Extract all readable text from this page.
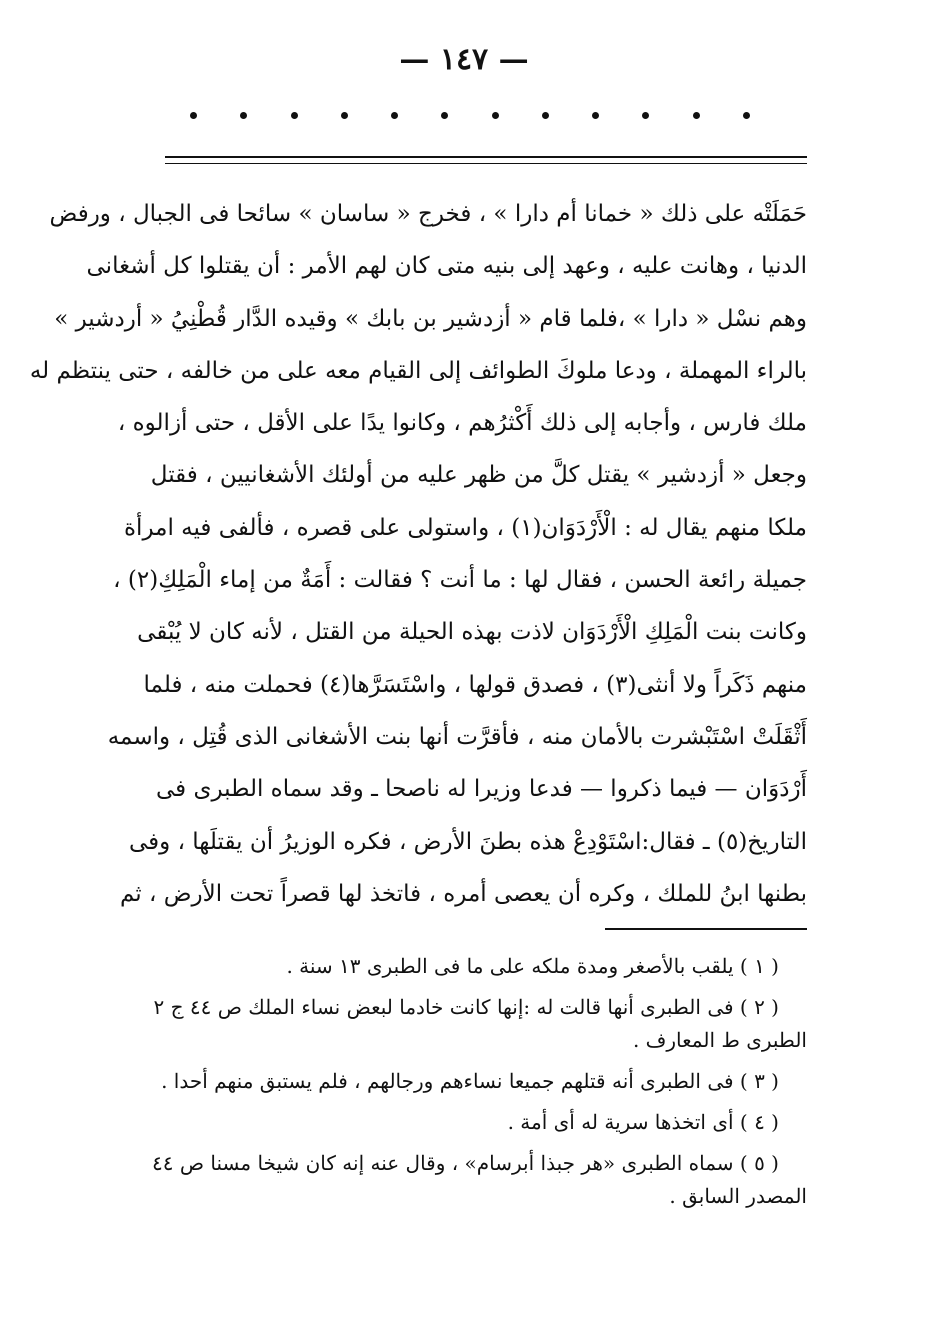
— ١٤٧ —
حَمَلَتْه على ذلك « خمانا أم دارا » ، فخرج « ساسان » سائحا فى الجبال ، ورفض
الدنيا ، وهانت عليه ، وعهد إلى بنيه متى كان لهم الأمر : أن يقتلوا كل أشغانى
وهم نسْل « دارا » ،فلما قام « أزدشير بن بابك » وقيده الدَّار قُطْنِيُ « أردشير »
بالراء المهملة ، ودعا ملوكَ الطوائف إلى القيام معه على من خالفه ، حتى ينتظم له
ملك فارس ، وأجابه إلى ذلك أَكْثرُهم ، وكانوا يدًا على الأقل ، حتى أزالوه ،
وجعل « أزدشير » يقتل كلَّ من ظهر عليه من أولئك الأشغانيين ، فقتل
ملكا منهم يقال له : الْأَرْدَوَان(١) ، واستولى على قصره ، فألفى فيه امرأة
جميلة رائعة الحسن ، فقال لها : ما أنت ؟ فقالت : أَمَةٌ من إماء الْمَلِكِ(٢) ،
وكانت بنت الْمَلِكِ الْأَرْدَوَان لاذت بهذه الحيلة من القتل ، لأنه كان لا يُبْقى
منهم ذَكَراً ولا أنثى(٣) ، فصدق قولها ، واسْتَسَرَّها(٤) فحملت منه ، فلما
أَثْقَلَتْ اسْتَبْشرت بالأمان منه ، فأقرَّت أنها بنت الأشغانى الذى قُتِل ، واسمه
أَرْدَوَان — فيما ذكروا — فدعا وزيرا له ناصحا ـ وقد سماه الطبرى فى
التاريخ(٥) ـ فقال:اسْتَوْدِعْ هذه بطنَ الأرض ، فكره الوزيرُ أن يقتلَها ، وفى
بطنها ابنُ للملك ، وكره أن يعصى أمره ، فاتخذ لها قصراً تحت الأرض ، ثم
( ١ ) يلقب بالأصغر ومدة ملكه على ما فى الطبرى ١٣ سنة .
( ٢ ) فى الطبرى أنها قالت له :إنها كانت خادما لبعض نساء الملك ص ٤٤ ج ٢
الطبرى ط المعارف .
( ٣ ) فى الطبرى أنه قتلهم جميعا نساءهم ورجالهم ، فلم يستبق منهم أحدا .
( ٤ ) أى اتخذها سرية له أى أمة .
( ٥ ) سماه الطبرى «هر جبذا أبرسام» ، وقال عنه إنه كان شيخا مسنا ص ٤٤
المصدر السابق .
